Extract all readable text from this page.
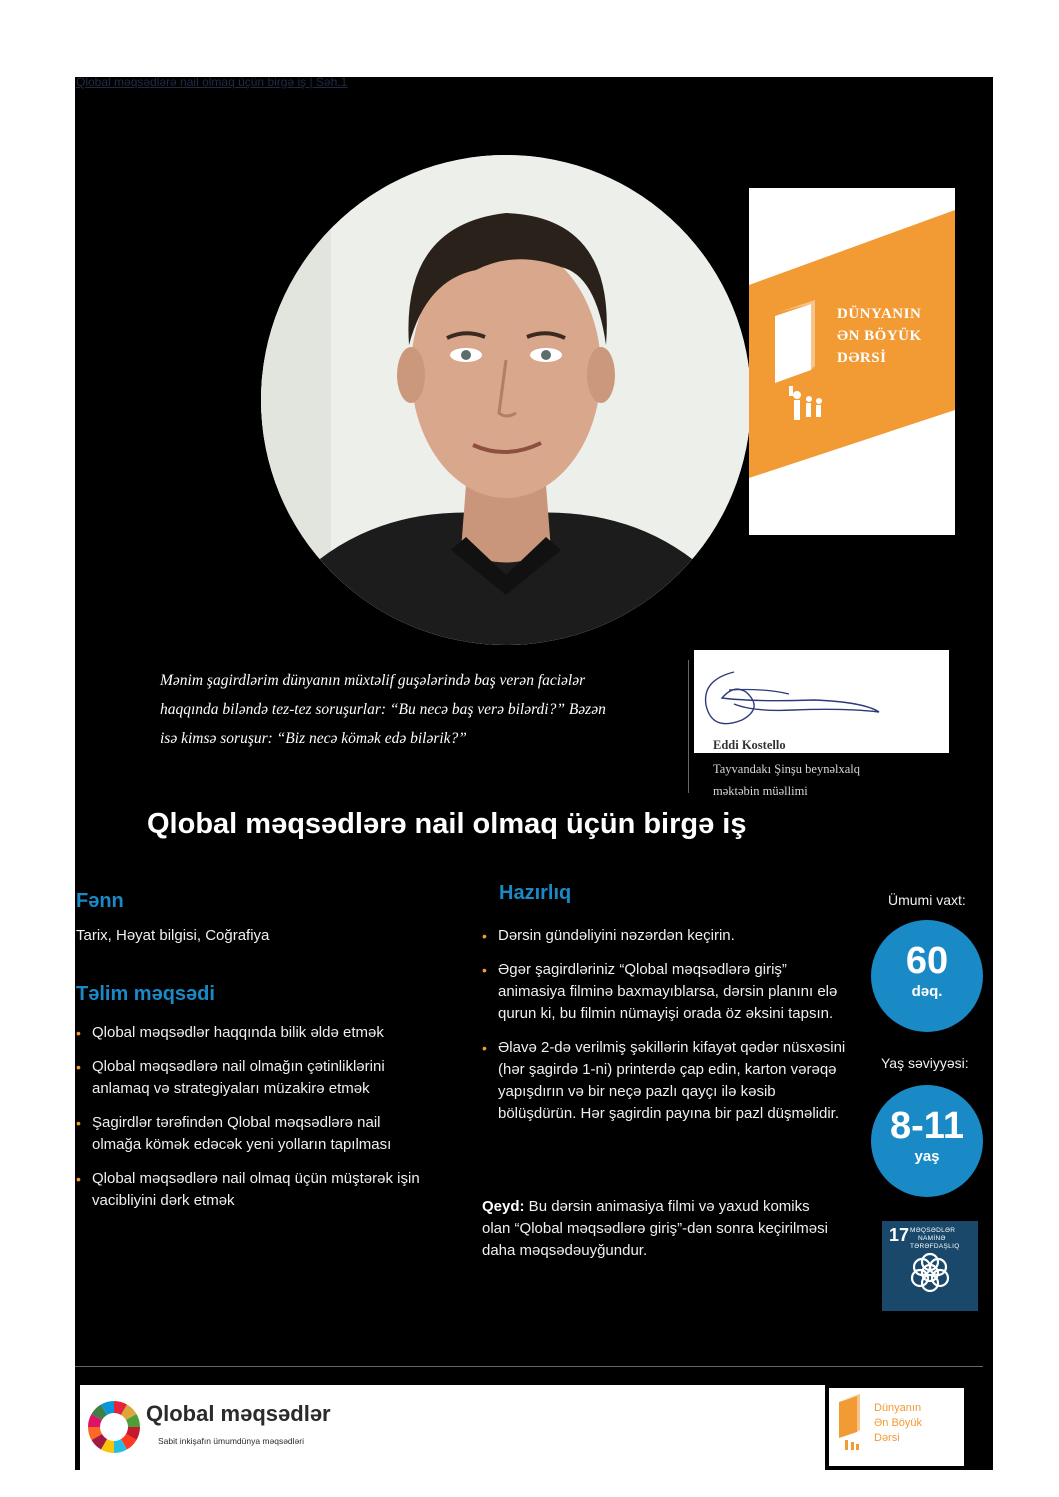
Qlobal məqsədlərə nail olmaq üçün birgə iş | Səh.1
DÜNYANIN
ƏN BÖYÜK
DƏRSİ

Mənim şagirdlərim dünyanın müxtəlif guşələrində baş verən faciələr haqqında biləndə tez-tez soruşurlar: “Bu necə baş verə bilərdi?” Bəzən isə kimsə soruşur: “Biz necə kömək edə bilərik?”	Eddi Kostello
Tayvandakı Şinşu beynəlxalq
məktəbin müəllimi
Qlobal məqsədlərə nail olmaq üçün birgə iş
Fənn

Tarix, Həyat bilgisi, Coğrafiya

Təlim məqsədi
• Qlobal məqsədlər haqqında bilik əldə etmək
• Qlobal məqsədlərə nail olmağın çətinliklərini anlamaq və strategiyaları müzakirə etmək
• Şagirdlər tərəfindən Qlobal məqsədlərə nail olmağa kömək edəcək yeni yolların tapılması
• Qlobal məqsədlərə nail olmaq üçün müştərək işin vacibliyini dərk etmək
Hazırlıq
• Dərsin gündəliyini nəzərdən keçirin.
• Əgər şagirdləriniz “Qlobal məqsədlərə giriş” animasiya filminə baxmayıblarsa, dərsin planını elə qurun ki, bu filmin nümayişi orada öz əksini tapsın.
• Əlavə 2-də verilmiş şəkillərin kifayət qədər nüsxəsini (hər şagirdə 1-ni) printerdə çap edin, karton vərəqə yapışdırın və bir neçə pazlı qayçı ilə kəsib bölüşdürün. Hər şagirdin payına bir pazl düşməlidir.

Qeyd: Bu dərsin animasiya filmi və yaxud komiks olan “Qlobal məqsədlərə giriş”-dən sonra keçirilməsi daha məqsədəuyğundur.

Ümumi vaxt:
60
dəq.
Yaş səviyyəsi:
8-11
yaş
17 MƏQSƏDLƏR
NAMİNƏ
TƏRƏFDAŞLIQ
Qlobal məqsədlər
Sabit inkişafın ümumdünya məqsədləri
Dünyanın
Ən Böyük
Dərsi
